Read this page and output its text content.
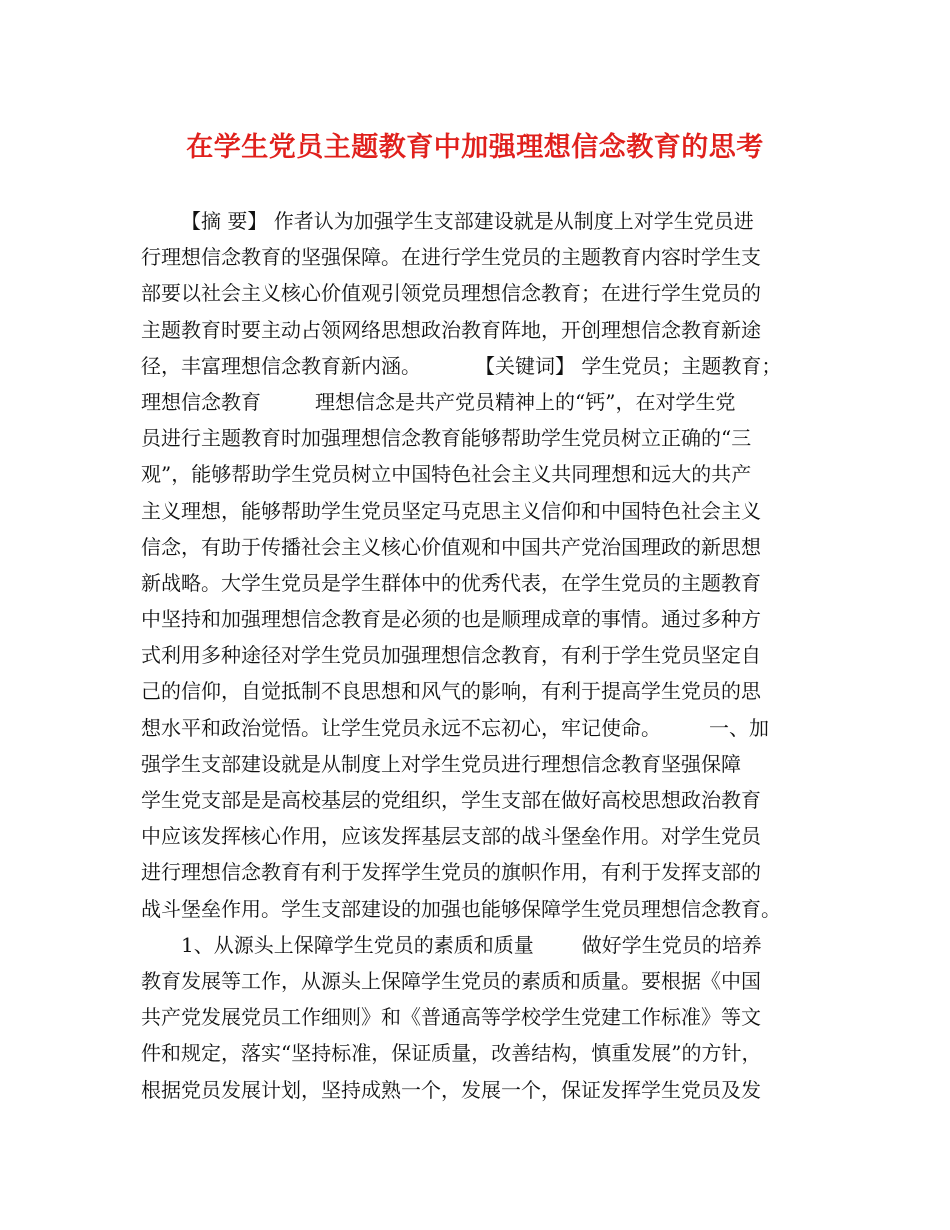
在学生党员主题教育中加强理想信念教育的思考
【摘 要】 作者认为加强学生支部建设就是从制度上对学生党员进
行理想信念教育的坚强保障。在进行学生党员的主题教育内容时学生支
部要以社会主义核心价值观引领党员理想信念教育；在进行学生党员的
主题教育时要主动占领网络思想政治教育阵地，开创理想信念教育新途
径，丰富理想信念教育新内涵。	【关键词】 学生党员；主题教育；
理想信念教育	理想信念是共产党员精神上的“钙”，在对学生党
员进行主题教育时加强理想信念教育能够帮助学生党员树立正确的“三
观”，能够帮助学生党员树立中国特色社会主义共同理想和远大的共产
主义理想，能够帮助学生党员坚定马克思主义信仰和中国特色社会主义
信念，有助于传播社会主义核心价值观和中国共产党治国理政的新思想
新战略。大学生党员是学生群体中的优秀代表，在学生党员的主题教育
中坚持和加强理想信念教育是必须的也是顺理成章的事情。通过多种方
式利用多种途径对学生党员加强理想信念教育，有利于学生党员坚定自
己的信仰，自觉抵制不良思想和风气的影响，有利于提高学生党员的思
想水平和政治觉悟。让学生党员永远不忘初心，牢记使命。 一、加
强学生支部建设就是从制度上对学生党员进行理想信念教育坚强保障
学生党支部是是高校基层的党组织，学生支部在做好高校思想政治教育
中应该发挥核心作用，应该发挥基层支部的战斗堡垒作用。对学生党员
进行理想信念教育有利于发挥学生党员的旗帜作用，有利于发挥支部的
战斗堡垒作用。学生支部建设的加强也能够保障学生党员理想信念教育。
1、从源头上保障学生党员的素质和质量 做好学生党员的培养
教育发展等工作，从源头上保障学生党员的素质和质量。要根据《中国
共产党发展党员工作细则》和《普通高等学校学生党建工作标准》等文
件和规定，落实“坚持标准，保证质量，改善结构，慎重发展”的方针，
根据党员发展计划，坚持成熟一个，发展一个，保证发挥学生党员及发
